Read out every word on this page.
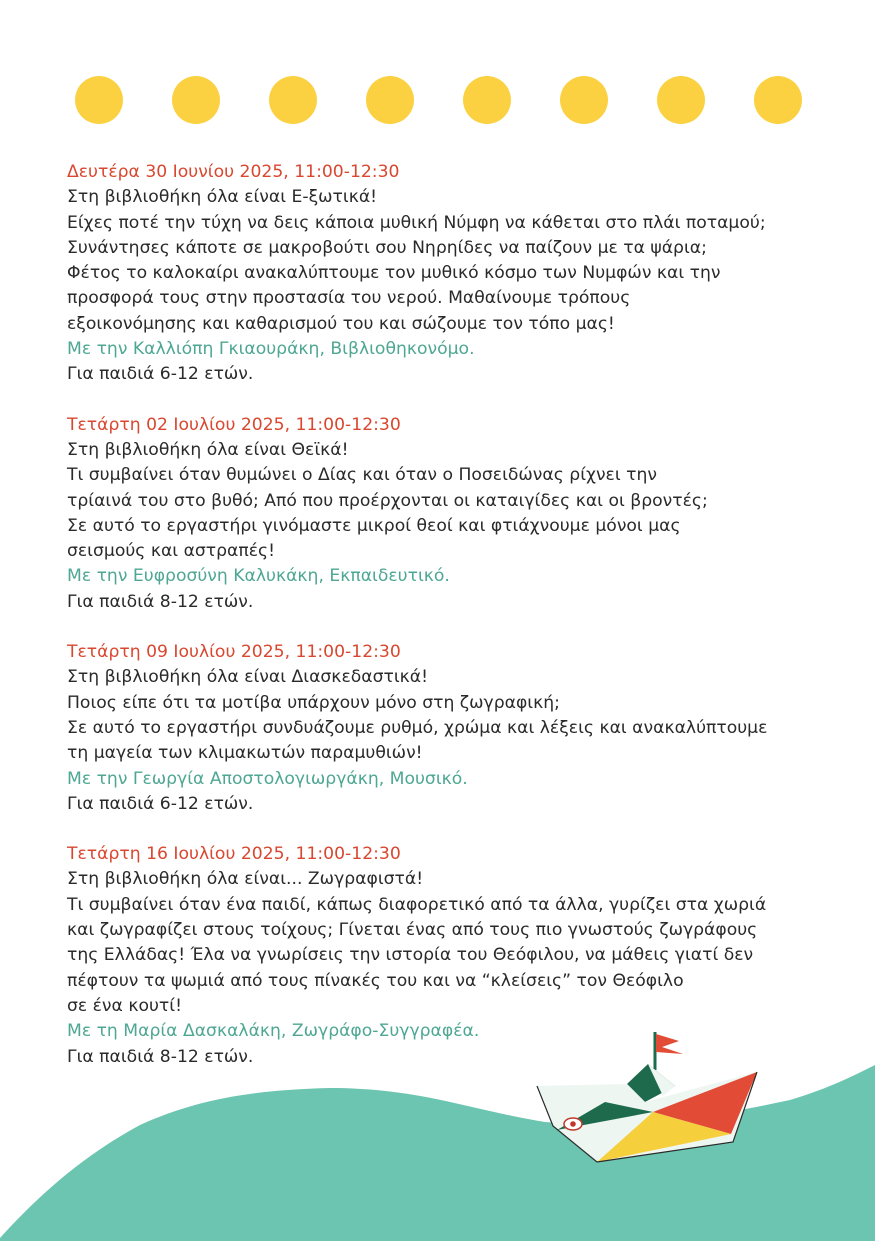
Δευτέρα 30 Ιουνίου 2025, 11:00-12:30
Στη βιβλιοθήκη όλα είναι Ε-ξωτικά!
Είχες ποτέ την τύχη να δεις κάποια μυθική Νύμφη να κάθεται στο πλάι ποταμού;
Συνάντησες κάποτε σε μακροβούτι σου Νηρηίδες να παίζουν με τα ψάρια;
Φέτος το καλοκαίρι ανακαλύπτουμε τον μυθικό κόσμο των Νυμφών και την
προσφορά τους στην προστασία του νερού. Μαθαίνουμε τρόπους
εξοικονόμησης και καθαρισμού του και σώζουμε τον τόπο μας!
Με την Καλλιόπη Γκιαουράκη, Βιβλιοθηκονόμο.
Για παιδιά 6-12 ετών.
Τετάρτη 02 Ιουλίου 2025, 11:00-12:30
Στη βιβλιοθήκη όλα είναι Θεϊκά!
Τι συμβαίνει όταν θυμώνει ο Δίας και όταν ο Ποσειδώνας ρίχνει την
τρίαινά του στο βυθό; Από που προέρχονται οι καταιγίδες και οι βροντές;
Σε αυτό το εργαστήρι γινόμαστε μικροί θεοί και φτιάχνουμε μόνοι μας
σεισμούς και αστραπές!
Με την Ευφροσύνη Καλυκάκη, Εκπαιδευτικό.
Για παιδιά 8-12 ετών.
Τετάρτη 09 Ιουλίου 2025, 11:00-12:30
Στη βιβλιοθήκη όλα είναι Διασκεδαστικά!
Ποιος είπε ότι τα μοτίβα υπάρχουν μόνο στη ζωγραφική;
Σε αυτό το εργαστήρι συνδυάζουμε ρυθμό, χρώμα και λέξεις και ανακαλύπτουμε
τη μαγεία των κλιμακωτών παραμυθιών!
Με την Γεωργία Αποστολογιωργάκη, Μουσικό.
Για παιδιά 6-12 ετών.
Τετάρτη 16 Ιουλίου 2025, 11:00-12:30
Στη βιβλιοθήκη όλα είναι... Ζωγραφιστά!
Τι συμβαίνει όταν ένα παιδί, κάπως διαφορετικό από τα άλλα, γυρίζει στα χωριά
και ζωγραφίζει στους τοίχους; Γίνεται ένας από τους πιο γνωστούς ζωγράφους
της Ελλάδας! Έλα να γνωρίσεις την ιστορία του Θεόφιλου, να μάθεις γιατί δεν
πέφτουν τα ψωμιά από τους πίνακές του και να “κλείσεις” τον Θεόφιλο
σε ένα κουτί!
Με τη Μαρία Δασκαλάκη, Ζωγράφο-Συγγραφέα.
Για παιδιά 8-12 ετών.
